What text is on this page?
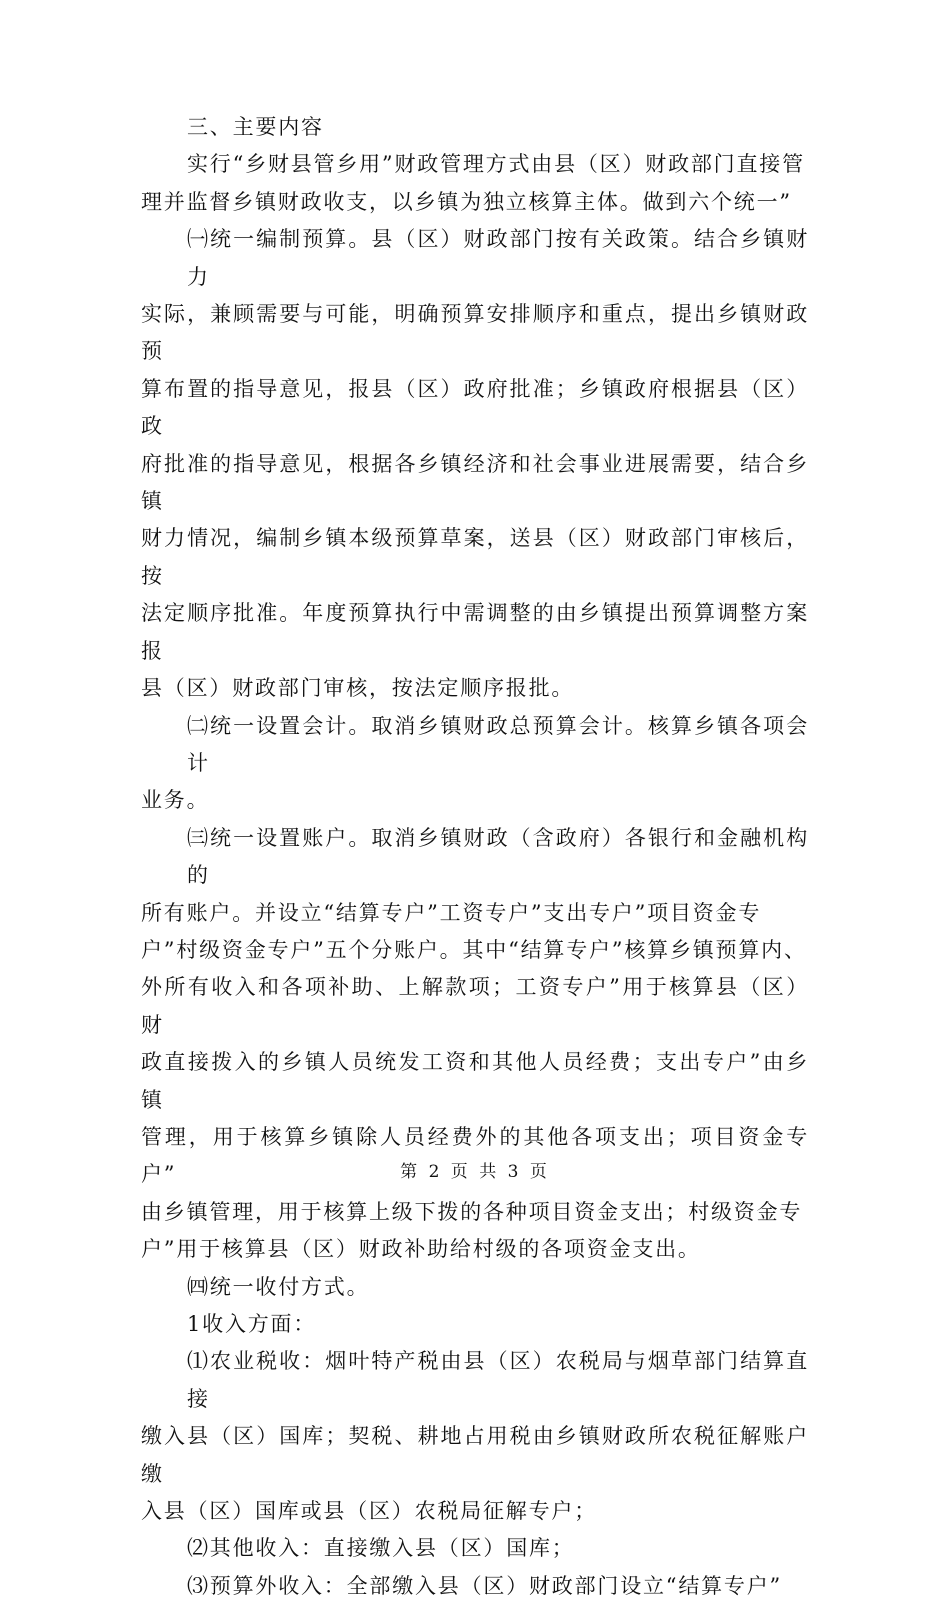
三、主要内容
实行“乡财县管乡用”财政管理方式由县（区）财政部门直接管
理并监督乡镇财政收支，以乡镇为独立核算主体。做到六个统一”
㈠统一编制预算。县（区）财政部门按有关政策。结合乡镇财力
实际，兼顾需要与可能，明确预算安排顺序和重点，提出乡镇财政预
算布置的指导意见，报县（区）政府批准；乡镇政府根据县（区）政
府批准的指导意见，根据各乡镇经济和社会事业进展需要，结合乡镇
财力情况，编制乡镇本级预算草案，送县（区）财政部门审核后，按
法定顺序批准。年度预算执行中需调整的由乡镇提出预算调整方案报
县（区）财政部门审核，按法定顺序报批。
㈡统一设置会计。取消乡镇财政总预算会计。核算乡镇各项会计
业务。
㈢统一设置账户。取消乡镇财政（含政府）各银行和金融机构的
所有账户。并设立“结算专户”工资专户”支出专户”项目资金专
户”村级资金专户”五个分账户。其中“结算专户”核算乡镇预算内、
外所有收入和各项补助、上解款项；工资专户”用于核算县（区）财
政直接拨入的乡镇人员统发工资和其他人员经费；支出专户”由乡镇
管理，用于核算乡镇除人员经费外的其他各项支出；项目资金专户”
由乡镇管理，用于核算上级下拨的各种项目资金支出；村级资金专
户”用于核算县（区）财政补助给村级的各项资金支出。
㈣统一收付方式。
1收入方面：
⑴农业税收：烟叶特产税由县（区）农税局与烟草部门结算直接
缴入县（区）国库；契税、耕地占用税由乡镇财政所农税征解账户缴
入县（区）国库或县（区）农税局征解专户；
⑵其他收入：直接缴入县（区）国库；
⑶预算外收入：全部缴入县（区）财政部门设立“结算专户”
第 2 页 共 3 页
